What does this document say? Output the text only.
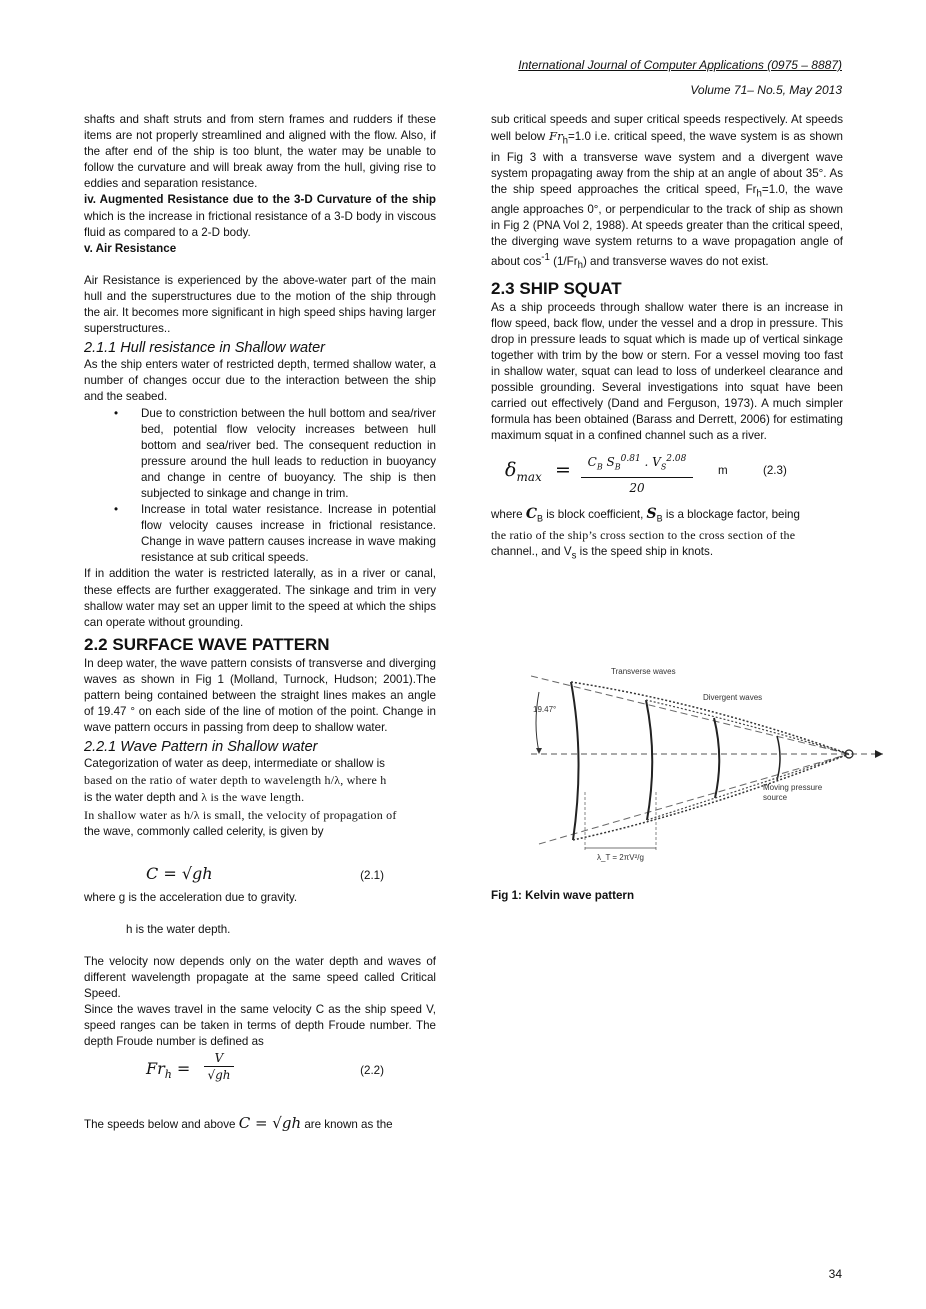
International Journal of Computer Applications (0975 – 8887)
Volume 71– No.5, May 2013

shafts and shaft struts and from stern frames and rudders if these items are not properly streamlined and aligned with the flow. Also, if the after end of the ship is too blunt, the water may be unable to follow the curvature and will break away from the hull, giving rise to eddies and separation resistance.

iv. Augmented Resistance due to the 3-D Curvature of the ship which is the increase in frictional resistance of a 3-D body in viscous fluid as compared to a 2-D body.

v. Air Resistance

Air Resistance is experienced by the above-water part of the main hull and the superstructures due to the motion of the ship through the air. It becomes more significant in high speed ships having larger superstructures..

2.1.1 Hull resistance in Shallow water

As the ship enters water of restricted depth, termed shallow water, a number of changes occur due to the interaction between the ship and the seabed.

• Due to constriction between the hull bottom and sea/river bed, potential flow velocity increases between hull bottom and sea/river bed. The consequent reduction in pressure around the hull leads to reduction in buoyancy and change in centre of buoyancy. The ship is then subjected to sinkage and change in trim.
• Increase in total water resistance. Increase in potential flow velocity causes increase in frictional resistance. Change in wave pattern causes increase in wave making resistance at sub critical speeds.

If in addition the water is restricted laterally, as in a river or canal, these effects are further exaggerated. The sinkage and trim in very shallow water may set an upper limit to the speed at which the ships can operate without grounding.

2.2 SURFACE WAVE PATTERN

In deep water, the wave pattern consists of transverse and diverging waves as shown in Fig 1 (Molland, Turnock, Hudson; 2001).The pattern being contained between the straight lines makes an angle of 19.47 ° on each side of the line of motion of the point. Change in wave pattern occurs in passing from deep to shallow water.

2.2.1 Wave Pattern in Shallow water

Categorization of water as deep, intermediate or shallow is
based on the ratio of water depth to wavelength h/λ, where h
is the water depth and λ is the wave length.
In shallow water as h/λ is small, the velocity of propagation of
the wave, commonly called celerity, is given by

C = √gh	(2.1)

where g is the acceleration due to gravity.

h is the water depth.

The velocity now depends only on the water depth and waves of different wavelength propagate at the same speed called Critical Speed.

Since the waves travel in the same velocity C as the ship speed V, speed ranges can be taken in terms of depth Froude number. The depth Froude number is defined as

$Fr_h = \frac{V}{√gh}$	(2.2)

The speeds below and above C = √gh are known as the

sub critical speeds and super critical speeds respectively. At speeds well below $Fr_h=1.0$ i.e. critical speed, the wave system is as shown in Fig 3 with a transverse wave system and a divergent wave system propagating away from the ship at an angle of about 35°. As the ship speed approaches the critical speed, $Fr_h=1.0$, the wave angle approaches 0°, or perpendicular to the track of ship as shown in Fig 2 (PNA Vol 2, 1988). At speeds greater than the critical speed, the diverging wave system returns to a wave propagation angle of about $\cos^{-1} (1/Fr_h)$ and transverse waves do not exist.

2.3 SHIP SQUAT

As a ship proceeds through shallow water there is an increase in flow speed, back flow, under the vessel and a drop in pressure. This drop in pressure leads to squat which is made up of vertical sinkage together with trim by the bow or stern. For a vessel moving too fast in shallow water, squat can lead to loss of underkeel clearance and possible grounding. Several investigations into squat have been carried out effectively (Dand and Ferguson, 1973). A much simpler formula has been obtained (Barass and Derrett, 2006) for estimating maximum squat in a confined channel such as a river.

$\delta_{max} = \frac{C_B S_B^{0.81} . V_S^{2.08}}{20}$ m	(2.3)

where $C_B$ is block coefficient, $S_B$ is a blockage factor, being
the ratio of the ship’s cross section to the cross section of the
channel., and $V_s$ is the speed ship in knots.

19.47°
Transverse waves
Divergent waves
Moving pressure
source
λ_T = 2πV²/g

Fig 1: Kelvin wave pattern

34
